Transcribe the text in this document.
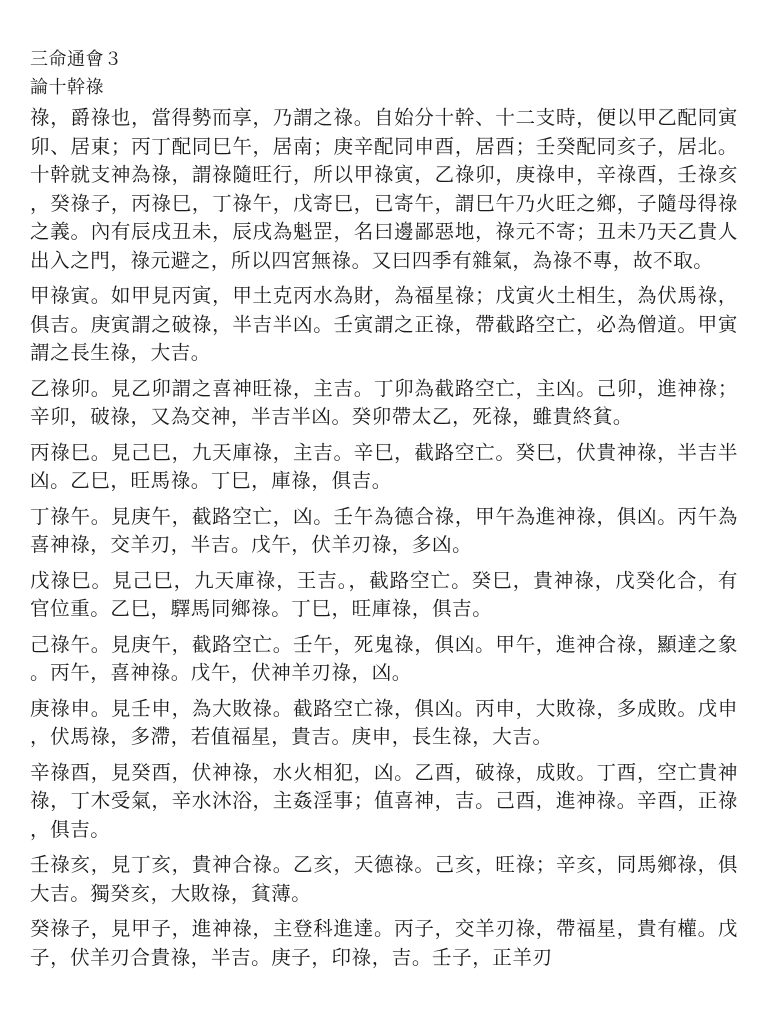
三命通會３
論十幹祿

祿，爵祿也，當得勢而享，乃謂之祿。自始分十幹、十二支時，便以甲乙配同寅卯、居東；丙丁配同巳午，居南；庚辛配同申酉，居酉；壬癸配同亥子，居北。十幹就支神為祿，謂祿隨旺行，所以甲祿寅，乙祿卯，庚祿申，辛祿酉，壬祿亥，癸祿子，丙祿巳，丁祿午，戊寄巳，已寄午，謂巳午乃火旺之鄉，子隨母得祿之義。內有辰戌丑未，辰戌為魁罡，名曰邊鄙惡地，祿元不寄；丑未乃天乙貴人出入之門，祿元避之，所以四宮無祿。又曰四季有雜氣，為祿不專，故不取。

甲祿寅。如甲見丙寅，甲土克丙水為財，為福星祿；戊寅火土相生，為伏馬祿，俱吉。庚寅謂之破祿，半吉半凶。壬寅謂之正祿，帶截路空亡，必為僧道。甲寅謂之長生祿，大吉。

乙祿卯。見乙卯謂之喜神旺祿，主吉。丁卯為截路空亡，主凶。己卯，進神祿；辛卯，破祿，又為交神，半吉半凶。癸卯帶太乙，死祿，雖貴終貧。

丙祿巳。見己巳，九天庫祿，主吉。辛巳，截路空亡。癸巳，伏貴神祿，半吉半凶。乙巳，旺馬祿。丁巳，庫祿，俱吉。

丁祿午。見庚午，截路空亡，凶。壬午為德合祿，甲午為進神祿，俱凶。丙午為喜神祿，交羊刃，半吉。戊午，伏羊刃祿，多凶。

戊祿巳。見己巳，九天庫祿，王吉。，截路空亡。癸巳，貴神祿，戊癸化合，有官位重。乙巳，驛馬同鄉祿。丁巳，旺庫祿，俱吉。

己祿午。見庚午，截路空亡。壬午，死鬼祿，俱凶。甲午，進神合祿，顯達之象。丙午，喜神祿。戊午，伏神羊刃祿，凶。

庚祿申。見壬申，為大敗祿。截路空亡祿，俱凶。丙申，大敗祿，多成敗。戊申，伏馬祿，多滯，若值福星，貴吉。庚申，長生祿，大吉。

辛祿酉，見癸酉，伏神祿，水火相犯，凶。乙酉，破祿，成敗。丁酉，空亡貴神祿，丁木受氣，辛水沐浴，主姦淫事；值喜神，吉。己酉，進神祿。辛酉，正祿，俱吉。

壬祿亥，見丁亥，貴神合祿。乙亥，天德祿。己亥，旺祿；辛亥，同馬鄉祿，俱大吉。獨癸亥，大敗祿，貧薄。

癸祿子，見甲子，進神祿，主登科進達。丙子，交羊刃祿，帶福星，貴有權。戊子，伏羊刃合貴祿，半吉。庚子，印祿，吉。壬子，正羊刃
